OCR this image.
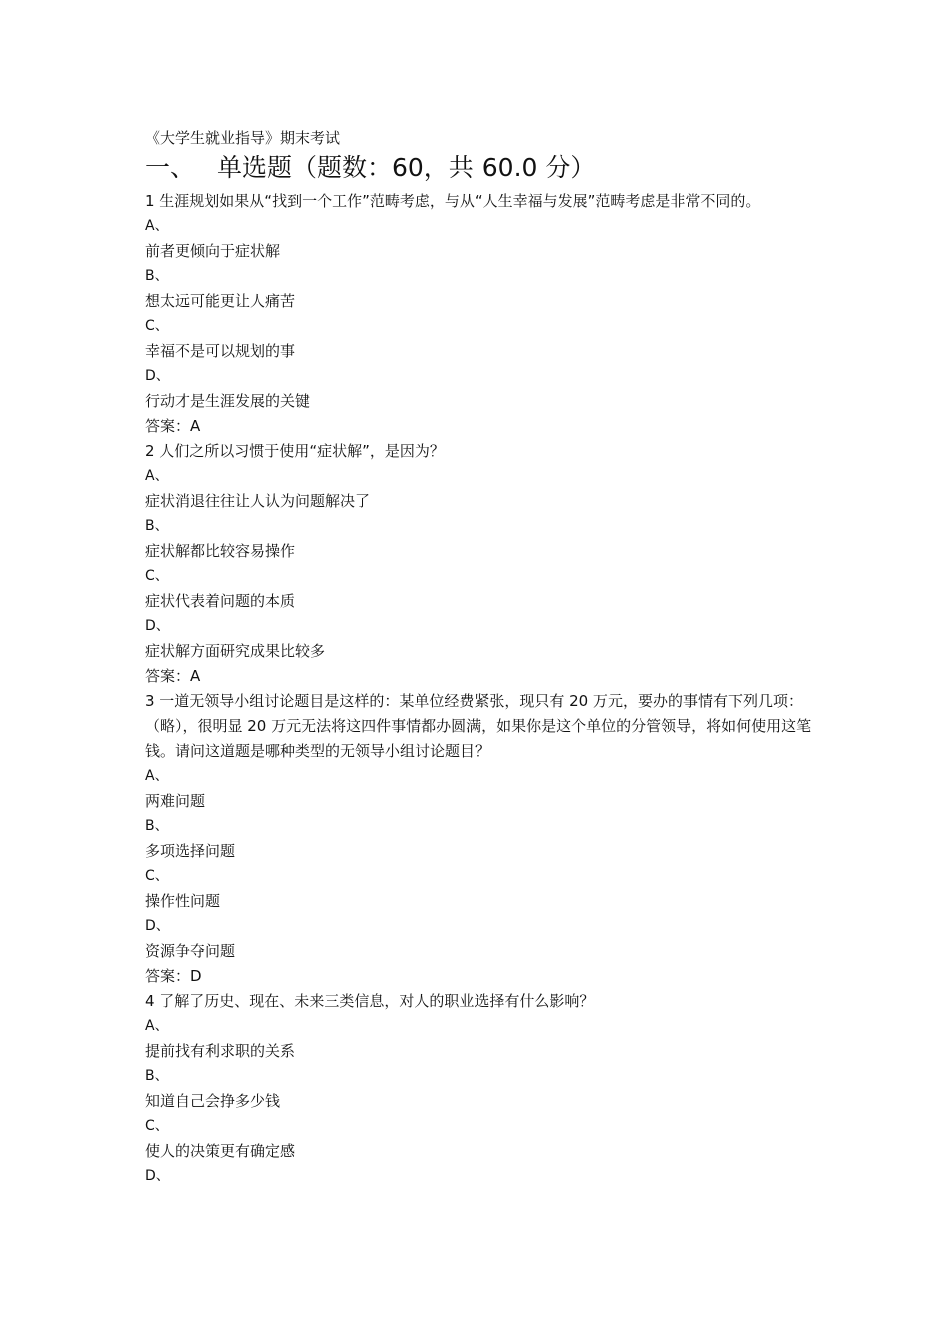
《大学生就业指导》期末考试

一、 单选题（题数：60，共 60.0 分）

1 生涯规划如果从“找到一个工作”范畴考虑，与从“人生幸福与发展”范畴考虑是非常不同的。

A、

前者更倾向于症状解

B、

想太远可能更让人痛苦

C、

幸福不是可以规划的事

D、

行动才是生涯发展的关键

答案：A

2 人们之所以习惯于使用“症状解”，是因为？

A、

症状消退往往让人认为问题解决了

B、

症状解都比较容易操作

C、

症状代表着问题的本质

D、

症状解方面研究成果比较多

答案：A

3 一道无领导小组讨论题目是这样的：某单位经费紧张，现只有 20 万元，要办的事情有下列几项：（略），很明显 20 万元无法将这四件事情都办圆满，如果你是这个单位的分管领导，将如何使用这笔钱。请问这道题是哪种类型的无领导小组讨论题目？

A、

两难问题

B、

多项选择问题

C、

操作性问题

D、

资源争夺问题

答案：D

4 了解了历史、现在、未来三类信息，对人的职业选择有什么影响？

A、

提前找有利求职的关系

B、

知道自己会挣多少钱

C、

使人的决策更有确定感

D、
